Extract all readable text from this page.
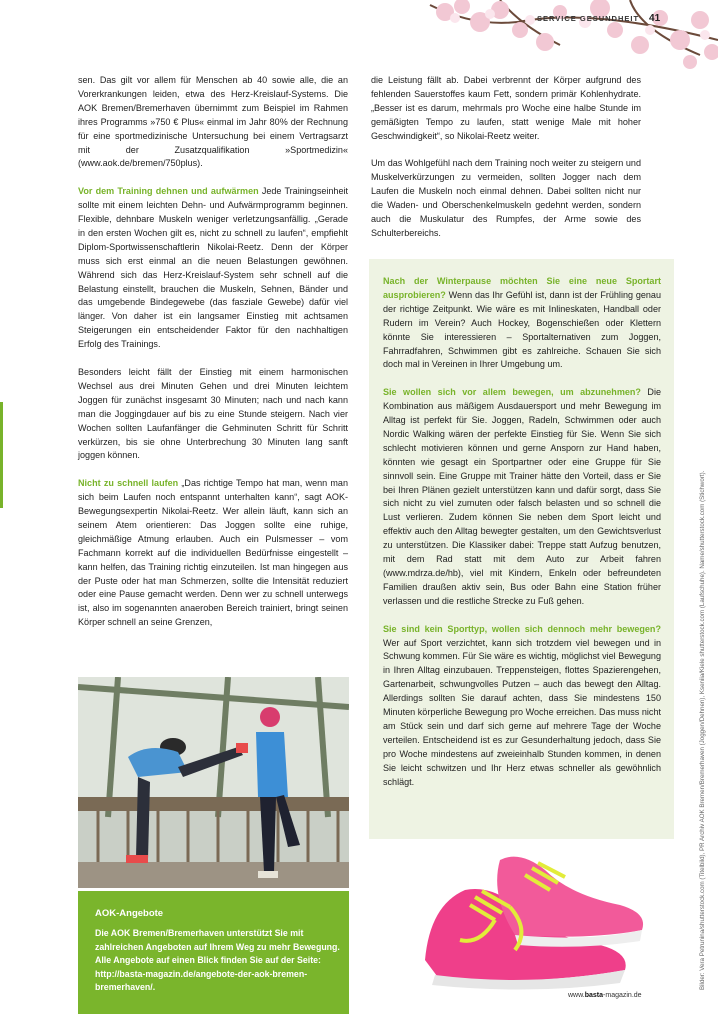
SERVICE GESUNDHEIT 41

sen. Das gilt vor allem für Menschen ab 40 sowie alle, die an Vorerkrankungen leiden, etwa des Herz-Kreislauf-Systems. Die AOK Bremen/Bremerhaven übernimmt zum Beispiel im Rahmen ihres Programms »750 € Plus« einmal im Jahr 80% der Rechnung für eine sportmedizinische Untersuchung bei einem Vertragsarzt mit der Zusatzqualifikation »Sportmedizin« (www.aok.de/bremen/750plus).

Vor dem Training dehnen und aufwärmen Jede Trainingseinheit sollte mit einem leichten Dehn- und Aufwärmprogramm beginnen. Flexible, dehnbare Muskeln weniger verletzungsanfällig. „Gerade in den ersten Wochen gilt es, nicht zu schnell zu laufen“, empfiehlt Diplom-Sportwissenschaftlerin Nikolai-Reetz. Denn der Körper muss sich erst einmal an die neuen Belastungen gewöhnen. Während sich das Herz-Kreislauf-System sehr schnell auf die Belastung einstellt, brauchen die Muskeln, Sehnen, Bänder und das umgebende Bindegewebe (das fasziale Gewebe) dafür viel länger. Von daher ist ein langsamer Einstieg mit achtsamen Steigerungen ein entscheidender Faktor für den nachhaltigen Erfolg des Trainings.

Besonders leicht fällt der Einstieg mit einem harmonischen Wechsel aus drei Minuten Gehen und drei Minuten leichtem Joggen für zunächst insgesamt 30 Minuten; nach und nach kann man die Joggingdauer auf bis zu eine Stunde steigern. Nach vier Wochen sollten Laufanfänger die Gehminuten Schritt für Schritt verkürzen, bis sie ohne Unterbrechung 30 Minuten lang sanft joggen können.

Nicht zu schnell laufen „Das richtige Tempo hat man, wenn man sich beim Laufen noch entspannt unterhalten kann“, sagt AOK-Bewegungsexpertin Nikolai-Reetz. Wer allein läuft, kann sich an seinem Atem orientieren: Das Joggen sollte eine ruhige, gleichmäßige Atmung erlauben. Auch ein Pulsmesser – vom Fachmann korrekt auf die individuellen Bedürfnisse eingestellt – kann helfen, das Training richtig einzuteilen. Ist man hingegen aus der Puste oder hat man Schmerzen, sollte die Intensität reduziert oder eine Pause gemacht werden. Denn wer zu schnell unterwegs ist, also im sogenannten anaeroben Bereich trainiert, bringt seinen Körper schnell an seine Grenzen,

die Leistung fällt ab. Dabei verbrennt der Körper aufgrund des fehlenden Sauerstoffes kaum Fett, sondern primär Kohlenhydrate. „Besser ist es darum, mehrmals pro Woche eine halbe Stunde im gemäßigten Tempo zu laufen, statt wenige Male mit hoher Geschwindigkeit“, so Nikolai-Reetz weiter.

Um das Wohlgefühl nach dem Training noch weiter zu steigern und Muskelverkürzungen zu vermeiden, sollten Jogger nach dem Laufen die Muskeln noch einmal dehnen. Dabei sollten nicht nur die Waden- und Oberschenkelmuskeln gedehnt werden, sondern auch die Muskulatur des Rumpfes, der Arme sowie des Schulterbereichs.

Nach der Winterpause möchten Sie eine neue Sportart ausprobieren? Wenn das Ihr Gefühl ist, dann ist der Frühling genau der richtige Zeitpunkt. Wie wäre es mit Inlineskaten, Handball oder Rudern im Verein? Auch Hockey, Bogenschießen oder Klettern könnte Sie interessieren – Sportalternativen zum Joggen, Fahrradfahren, Schwimmen gibt es zahlreiche. Schauen Sie sich doch mal in Vereinen in Ihrer Umgebung um.

Sie wollen sich vor allem bewegen, um abzunehmen? Die Kombination aus mäßigem Ausdauersport und mehr Bewegung im Alltag ist perfekt für Sie. Joggen, Radeln, Schwimmen oder auch Nordic Walking wären der perfekte Einstieg für Sie. Wenn Sie sich schlecht motivieren können und gerne Ansporn zur Hand haben, könnten wie gesagt ein Sportpartner oder eine Gruppe für Sie sinnvoll sein. Eine Gruppe mit Trainer hätte den Vorteil, dass er Sie bei Ihren Plänen gezielt unterstützen kann und dafür sorgt, dass Sie sich nicht zu viel zumuten oder falsch belasten und so schnell die Lust verlieren. Zudem können Sie neben dem Sport leicht und effektiv auch den Alltag bewegter gestalten, um den Gewichtsverlust zu unterstützen. Die Klassiker dabei: Treppe statt Aufzug benutzen, mit dem Rad statt mit dem Auto zur Arbeit fahren (www.mdrza.de/hb), viel mit Kindern, Enkeln oder befreundeten Familien draußen aktiv sein, Bus oder Bahn eine Station früher verlassen und die restliche Strecke zu Fuß gehen.

Sie sind kein Sporttyp, wollen sich dennoch mehr bewegen? Wer auf Sport verzichtet, kann sich trotzdem viel bewegen und in Schwung kommen. Für Sie wäre es wichtig, möglichst viel Bewegung in Ihren Alltag einzubauen. Treppensteigen, flottes Spazierengehen, Gartenarbeit, schwungvolles Putzen – auch das bewegt den Alltag. Allerdings sollten Sie darauf achten, dass Sie mindestens 150 Minuten körperliche Bewegung pro Woche erreichen. Das muss nicht am Stück sein und darf sich gerne auf mehrere Tage der Woche verteilen. Entscheidend ist es zur Gesunderhaltung jedoch, dass Sie pro Woche mindestens auf zweieinhalb Stunden kommen, in denen Sie leicht schwitzen und Ihr Herz etwas schneller als gewöhnlich schlägt.

AOK-Angebote
Die AOK Bremen/Bremerhaven unterstützt Sie mit zahlreichen Angeboten auf Ihrem Weg zu mehr Bewegung. Alle Angebote auf einen Blick finden Sie auf der Seite: http://basta-magazin.de/angebote-der-aok-bremen-bremerhaven/.
www.basta-magazin.de
Bilder: Vera Petrunina/shutterstock.com (Titelbild), PR Archiv AOK Bremen/Bremerhaven (Joggen/Dehnen), Kseniia/Kiele shutterstock.com (Laufschuhe). Name/shutterstock.com (Stichwort).
